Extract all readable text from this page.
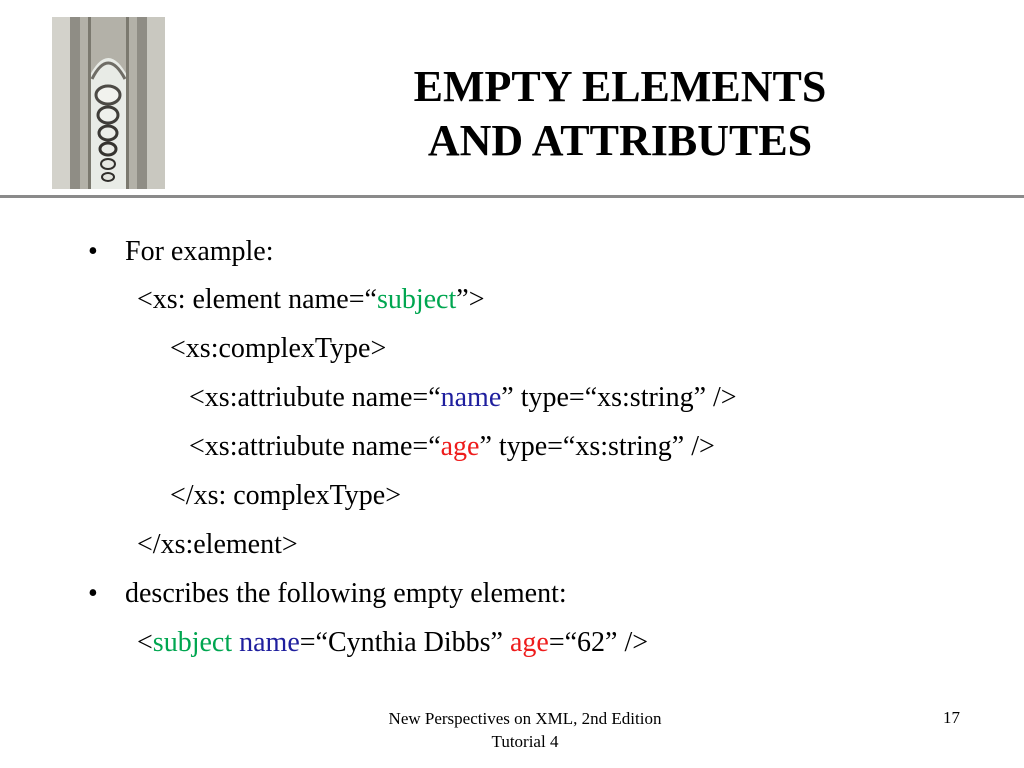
EMPTY ELEMENTS
AND ATTRIBUTES
• For example:
<xs: element name=“subject”>
<xs:complexType>
<xs:attriubute name=“name” type=“xs:string” />
<xs:attriubute name=“age” type=“xs:string” />
</xs: complexType>
</xs:element>
• describes the following empty element:
<subject name=“Cynthia Dibbs” age=“62” />
New Perspectives on XML, 2nd Edition
Tutorial 4
17
